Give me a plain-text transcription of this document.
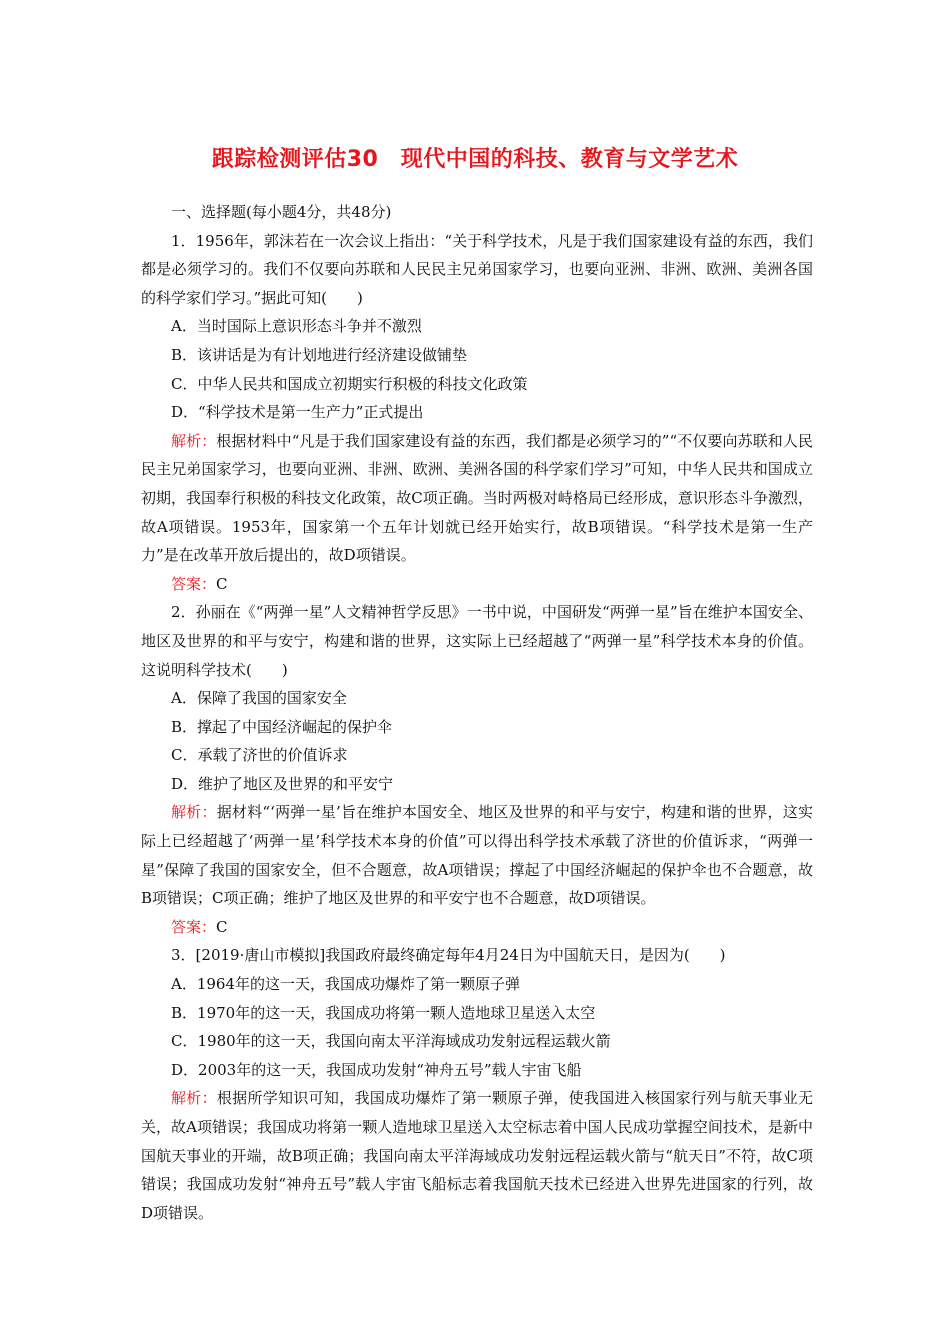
跟踪检测评估30　现代中国的科技、教育与文学艺术

一、选择题(每小题4分，共48分)

1．1956年，郭沫若在一次会议上指出：“关于科学技术，凡是于我们国家建设有益的东西，我们都是必须学习的。我们不仅要向苏联和人民民主兄弟国家学习，也要向亚洲、非洲、欧洲、美洲各国的科学家们学习。”据此可知(　　)

A．当时国际上意识形态斗争并不激烈

B．该讲话是为有计划地进行经济建设做铺垫

C．中华人民共和国成立初期实行积极的科技文化政策

D．“科学技术是第一生产力”正式提出

解析：根据材料中“凡是于我们国家建设有益的东西，我们都是必须学习的”“不仅要向苏联和人民民主兄弟国家学习，也要向亚洲、非洲、欧洲、美洲各国的科学家们学习”可知，中华人民共和国成立初期，我国奉行积极的科技文化政策，故C项正确。当时两极对峙格局已经形成，意识形态斗争激烈，故A项错误。1953年，国家第一个五年计划就已经开始实行，故B项错误。“科学技术是第一生产力”是在改革开放后提出的，故D项错误。

答案：C

2．孙丽在《“两弹一星”人文精神哲学反思》一书中说，中国研发“两弹一星”旨在维护本国安全、地区及世界的和平与安宁，构建和谐的世界，这实际上已经超越了“两弹一星”科学技术本身的价值。这说明科学技术(　　)

A．保障了我国的国家安全

B．撑起了中国经济崛起的保护伞

C．承载了济世的价值诉求

D．维护了地区及世界的和平安宁

解析：据材料“‘两弹一星’旨在维护本国安全、地区及世界的和平与安宁，构建和谐的世界，这实际上已经超越了‘两弹一星’科学技术本身的价值”可以得出科学技术承载了济世的价值诉求，“两弹一星”保障了我国的国家安全，但不合题意，故A项错误；撑起了中国经济崛起的保护伞也不合题意，故B项错误；C项正确；维护了地区及世界的和平安宁也不合题意，故D项错误。

答案：C

3．[2019·唐山市模拟]我国政府最终确定每年4月24日为中国航天日，是因为(　　)

A．1964年的这一天，我国成功爆炸了第一颗原子弹

B．1970年的这一天，我国成功将第一颗人造地球卫星送入太空

C．1980年的这一天，我国向南太平洋海域成功发射远程运载火箭

D．2003年的这一天，我国成功发射“神舟五号”载人宇宙飞船

解析：根据所学知识可知，我国成功爆炸了第一颗原子弹，使我国进入核国家行列与航天事业无关，故A项错误；我国成功将第一颗人造地球卫星送入太空标志着中国人民成功掌握空间技术，是新中国航天事业的开端，故B项正确；我国向南太平洋海域成功发射远程运载火箭与“航天日”不符，故C项错误；我国成功发射“神舟五号”载人宇宙飞船标志着我国航天技术已经进入世界先进国家的行列，故D项错误。
